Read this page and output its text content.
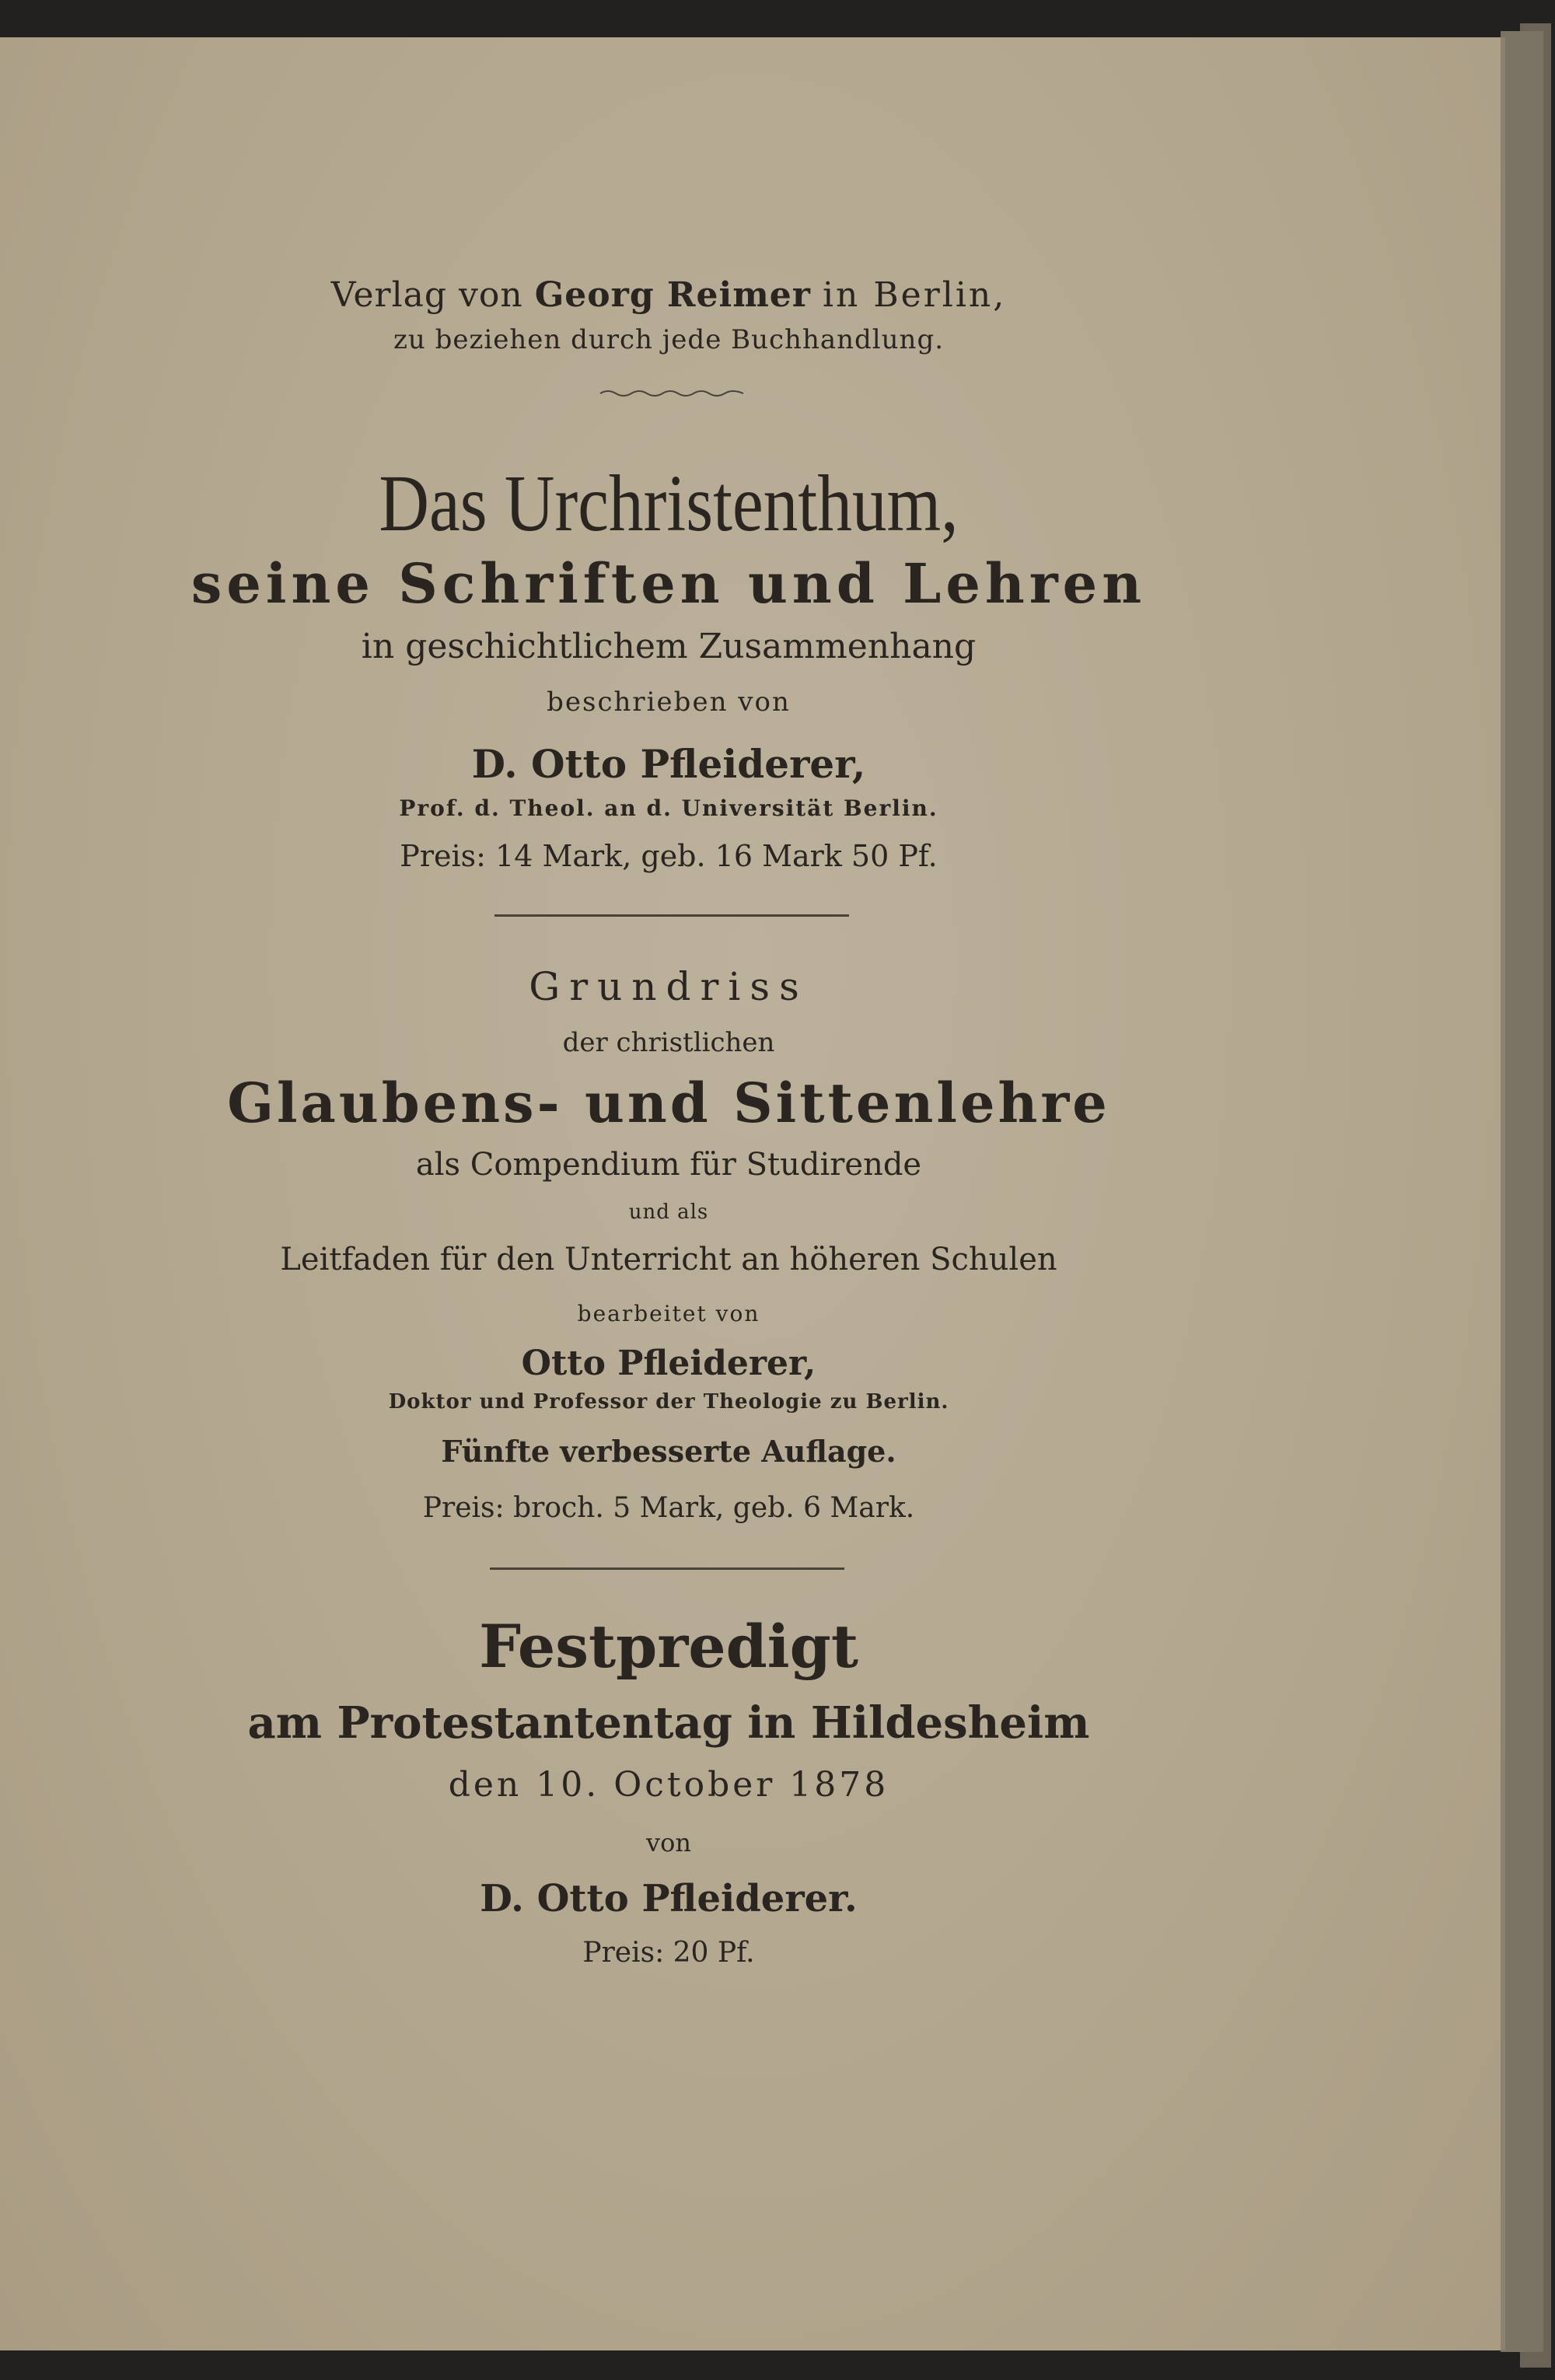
Verlag von Georg Reimer in Berlin,
zu beziehen durch jede Buchhandlung.
Das Urchristenthum,
seine Schriften und Lehren
in geschichtlichem Zusammenhang
beschrieben von
D. Otto Pfleiderer,
Prof. d. Theol. an d. Universität Berlin.
Preis: 14 Mark, geb. 16 Mark 50 Pf.
Grundriss
der christlichen
Glaubens- und Sittenlehre
als Compendium für Studirende
und als
Leitfaden für den Unterricht an höheren Schulen
bearbeitet von
Otto Pfleiderer,
Doktor und Professor der Theologie zu Berlin.
Fünfte verbesserte Auflage.
Preis: broch. 5 Mark, geb. 6 Mark.
Festpredigt
am Protestantentag in Hildesheim
den 10. October 1878
von
D. Otto Pfleiderer.
Preis: 20 Pf.
